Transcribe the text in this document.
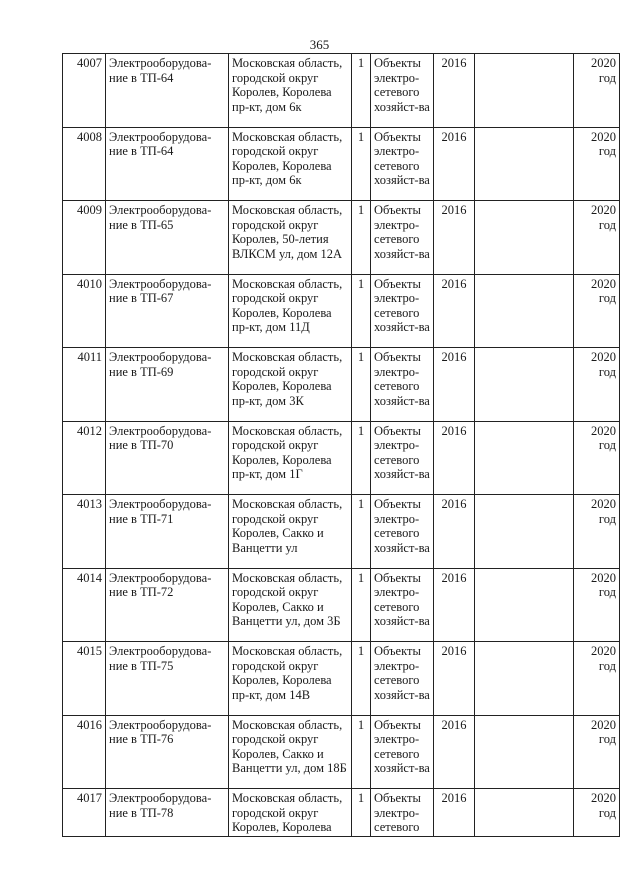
365
4007	Электрооборудова-ние в ТП-64	Московская область, городской округ Королев, Королева пр-кт, дом 6к	1	Объекты электро-сетевого хозяйст-ва	2016		2020 год
4008	Электрооборудова-ние в ТП-64	Московская область, городской округ Королев, Королева пр-кт, дом 6к	1	Объекты электро-сетевого хозяйст-ва	2016		2020 год
4009	Электрооборудова-ние в ТП-65	Московская область, городской округ Королев, 50-летия ВЛКСМ ул, дом 12А	1	Объекты электро-сетевого хозяйст-ва	2016		2020 год
4010	Электрооборудова-ние в ТП-67	Московская область, городской округ Королев, Королева пр-кт, дом 11Д	1	Объекты электро-сетевого хозяйст-ва	2016		2020 год
4011	Электрооборудова-ние в ТП-69	Московская область, городской округ Королев, Королева пр-кт, дом 3К	1	Объекты электро-сетевого хозяйст-ва	2016		2020 год
4012	Электрооборудова-ние в ТП-70	Московская область, городской округ Королев, Королева пр-кт, дом 1Г	1	Объекты электро-сетевого хозяйст-ва	2016		2020 год
4013	Электрооборудова-ние в ТП-71	Московская область, городской округ Королев, Сакко и Ванцетти ул	1	Объекты электро-сетевого хозяйст-ва	2016		2020 год
4014	Электрооборудова-ние в ТП-72	Московская область, городской округ Королев, Сакко и Ванцетти ул, дом 3Б	1	Объекты электро-сетевого хозяйст-ва	2016		2020 год
4015	Электрооборудова-ние в ТП-75	Московская область, городской округ Королев, Королева пр-кт, дом 14В	1	Объекты электро-сетевого хозяйст-ва	2016		2020 год
4016	Электрооборудова-ние в ТП-76	Московская область, городской округ Королев, Сакко и Ванцетти ул, дом 18Б	1	Объекты электро-сетевого хозяйст-ва	2016		2020 год
4017	Электрооборудова-ние в ТП-78	Московская область, городской округ Королев, Королева	1	Объекты электро-сетевого	2016		2020 год
